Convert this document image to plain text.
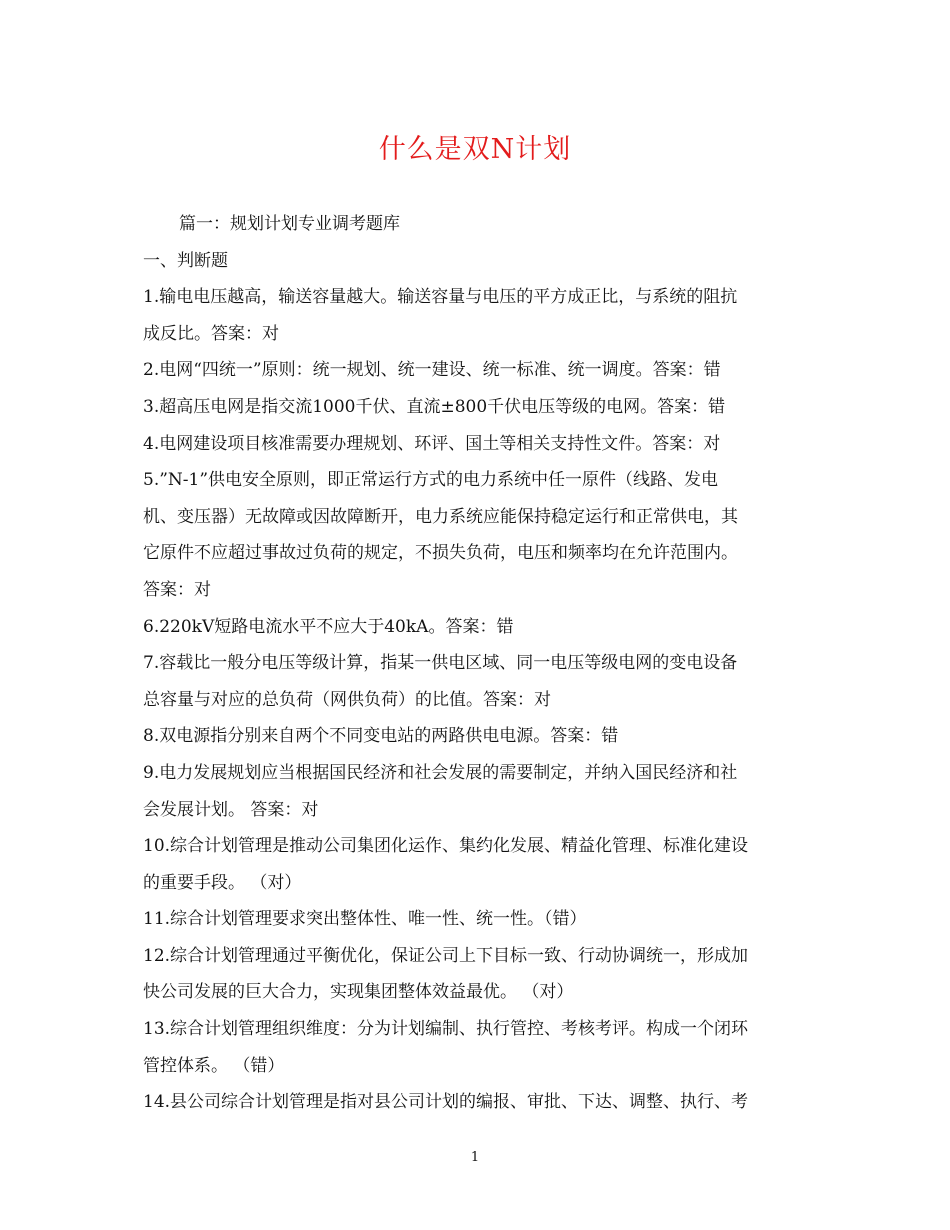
什么是双N计划
篇一：规划计划专业调考题库
一、判断题
1.输电电压越高，输送容量越大。输送容量与电压的平方成正比，与系统的阻抗
成反比。答案：对
2.电网“四统一”原则：统一规划、统一建设、统一标准、统一调度。答案：错
3.超高压电网是指交流1000千伏、直流±800千伏电压等级的电网。答案：错
4.电网建设项目核准需要办理规划、环评、国土等相关支持性文件。答案：对
5.”N-1”供电安全原则，即正常运行方式的电力系统中任一原件（线路、发电
机、变压器）无故障或因故障断开，电力系统应能保持稳定运行和正常供电，其
它原件不应超过事故过负荷的规定，不损失负荷，电压和频率均在允许范围内。
答案：对
6.220kV短路电流水平不应大于40kA。答案：错
7.容载比一般分电压等级计算，指某一供电区域、同一电压等级电网的变电设备
总容量与对应的总负荷（网供负荷）的比值。答案：对
8.双电源指分别来自两个不同变电站的两路供电电源。答案：错
9.电力发展规划应当根据国民经济和社会发展的需要制定，并纳入国民经济和社
会发展计划。 答案：对
10.综合计划管理是推动公司集团化运作、集约化发展、精益化管理、标准化建设
的重要手段。 （对）
11.综合计划管理要求突出整体性、唯一性、统一性。（错）
12.综合计划管理通过平衡优化，保证公司上下目标一致、行动协调统一，形成加
快公司发展的巨大合力，实现集团整体效益最优。 （对）
13.综合计划管理组织维度：分为计划编制、执行管控、考核考评。构成一个闭环
管控体系。 （错）
14.县公司综合计划管理是指对县公司计划的编报、审批、下达、调整、执行、考
1
